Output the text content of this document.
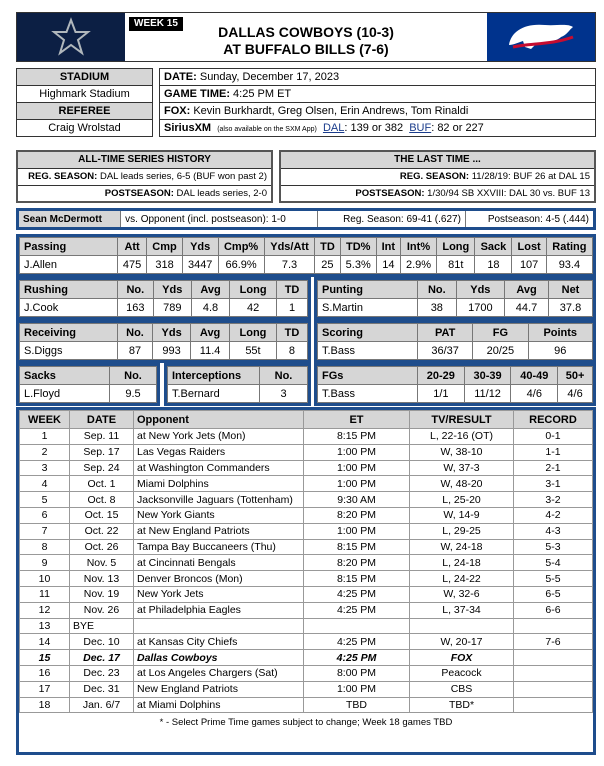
WEEK 15
DALLAS COWBOYS (10-3)
AT BUFFALO BILLS (7-6)
STADIUM
Highmark Stadium
REFEREE
Craig Wrolstad
DATE: Sunday, December 17, 2023
GAME TIME: 4:25 PM ET
FOX: Kevin Burkhardt, Greg Olsen, Erin Andrews, Tom Rinaldi
SiriusXM (also available on the SXM App) DAL: 139 or 382 BUF: 82 or 227
ALL-TIME SERIES HISTORY
REG. SEASON: DAL leads series, 6-5 (BUF won past 2)
POSTSEASON: DAL leads series, 2-0
THE LAST TIME ...
REG. SEASON: 11/28/19: BUF 26 at DAL 15
POSTSEASON: 1/30/94 SB XXVIII: DAL 30 vs. BUF 13
Sean McDermott	vs. Opponent (incl. postseason): 1-0	Reg. Season: 69-41 (.627)	Postseason: 4-5 (.444)
Passing	Att	Cmp	Yds	Cmp%	Yds/Att	TD	TD%	Int	Int%	Long	Sack	Lost	Rating
J.Allen	475	318	3447	66.9%	7.3	25	5.3%	14	2.9%	81t	18	107	93.4
Rushing	No.	Yds	Avg	Long	TD
J.Cook	163	789	4.8	42	1
Punting	No.	Yds	Avg	Net
S.Martin	38	1700	44.7	37.8
Receiving	No.	Yds	Avg	Long	TD
S.Diggs	87	993	11.4	55t	8
Scoring	PAT	FG	Points
T.Bass	36/37	20/25	96
Sacks	No.
L.Floyd	9.5
Interceptions	No.
T.Bernard	3
FGs	20-29	30-39	40-49	50+
T.Bass	1/1	11/12	4/6	4/6
WEEK	DATE	Opponent	ET	TV/RESULT	RECORD
1	Sep. 11	at New York Jets (Mon)	8:15 PM	L, 22-16 (OT)	0-1
2	Sep. 17	Las Vegas Raiders	1:00 PM	W, 38-10	1-1
3	Sep. 24	at Washington Commanders	1:00 PM	W, 37-3	2-1
4	Oct. 1	Miami Dolphins	1:00 PM	W, 48-20	3-1
5	Oct. 8	Jacksonville Jaguars (Tottenham)	9:30 AM	L, 25-20	3-2
6	Oct. 15	New York Giants	8:20 PM	W, 14-9	4-2
7	Oct. 22	at New England Patriots	1:00 PM	L, 29-25	4-3
8	Oct. 26	Tampa Bay Buccaneers (Thu)	8:15 PM	W, 24-18	5-3
9	Nov. 5	at Cincinnati Bengals	8:20 PM	L, 24-18	5-4
10	Nov. 13	Denver Broncos (Mon)	8:15 PM	L, 24-22	5-5
11	Nov. 19	New York Jets	4:25 PM	W, 32-6	6-5
12	Nov. 26	at Philadelphia Eagles	4:25 PM	L, 37-34	6-6
13	BYE				
14	Dec. 10	at Kansas City Chiefs	4:25 PM	W, 20-17	7-6
15	Dec. 17	Dallas Cowboys	4:25 PM	FOX	
16	Dec. 23	at Los Angeles Chargers (Sat)	8:00 PM	Peacock	
17	Dec. 31	New England Patriots	1:00 PM	CBS	
18	Jan. 6/7	at Miami Dolphins	TBD	TBD*	
* - Select Prime Time games subject to change; Week 18 games TBD
